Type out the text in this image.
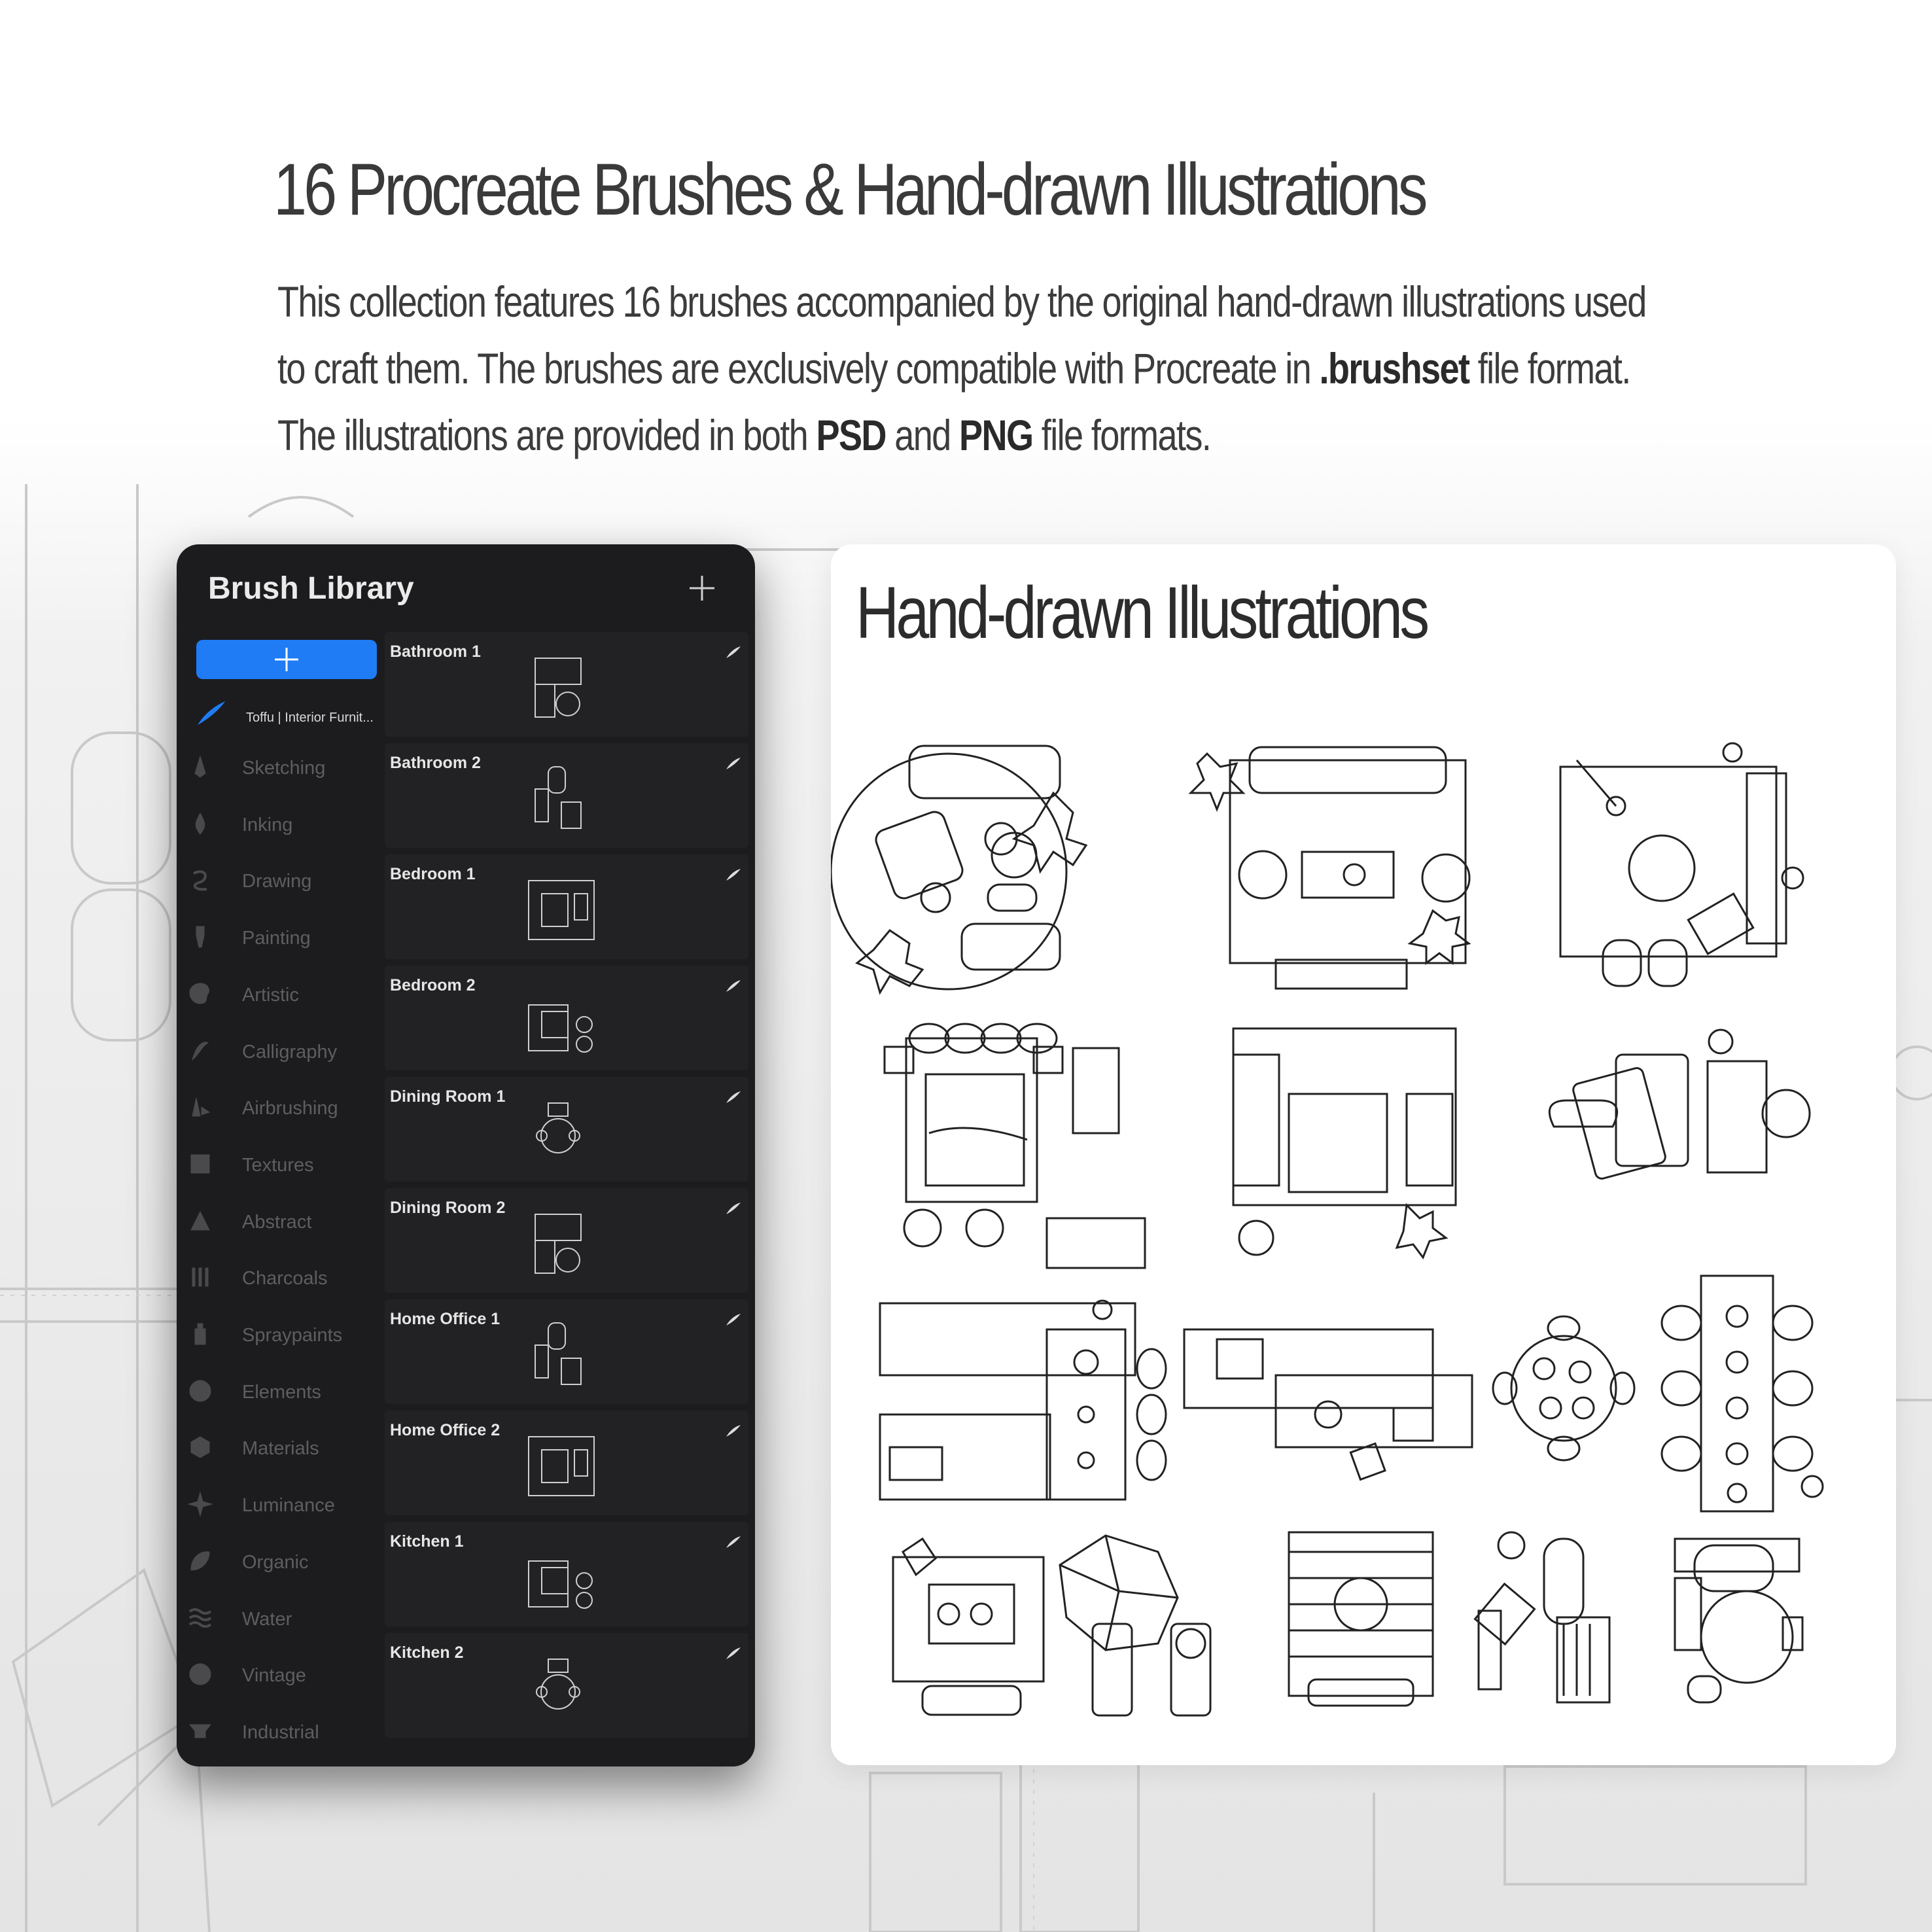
16 Procreate Brushes & Hand-drawn Illustrations
This collection features 16 brushes accompanied by the original hand-drawn illustrations used
to craft them. The brushes are exclusively compatible with Procreate in .brushset file format.
The illustrations are provided in both PSD and PNG file formats.
Brush Library
Toffu | Interior Furnit...
Sketching
Inking
Drawing
Painting
Artistic
Calligraphy
Airbrushing
Textures
Abstract
Charcoals
Spraypaints
Elements
Materials
Luminance
Organic
Water
Vintage
Industrial
Bathroom 1
Bathroom 2
Bedroom 1
Bedroom 2
Dining Room 1
Dining Room 2
Home Office 1
Home Office 2
Kitchen 1
Kitchen 2
Hand-drawn Illustrations
